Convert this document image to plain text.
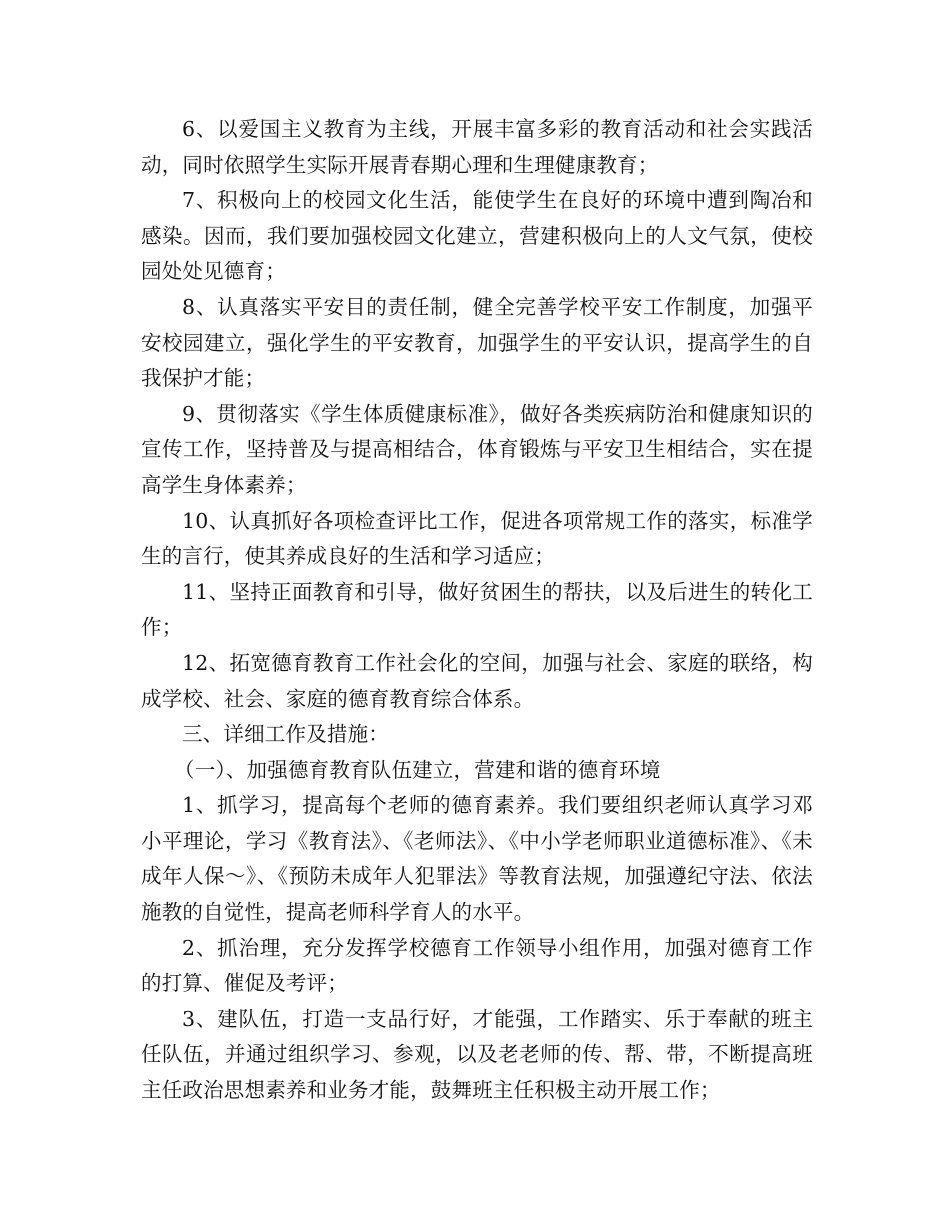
6、以爱国主义教育为主线，开展丰富多彩的教育活动和社会实践活动，同时依照学生实际开展青春期心理和生理健康教育；

7、积极向上的校园文化生活，能使学生在良好的环境中遭到陶冶和感染。因而，我们要加强校园文化建立，营建积极向上的人文气氛，使校园处处见德育；

8、认真落实平安目的责任制，健全完善学校平安工作制度，加强平安校园建立，强化学生的平安教育，加强学生的平安认识，提高学生的自我保护才能；

9、贯彻落实《学生体质健康标准》，做好各类疾病防治和健康知识的宣传工作，坚持普及与提高相结合，体育锻炼与平安卫生相结合，实在提高学生身体素养；

10、认真抓好各项检查评比工作，促进各项常规工作的落实，标准学生的言行，使其养成良好的生活和学习适应；

11、坚持正面教育和引导，做好贫困生的帮扶，以及后进生的转化工作；

12、拓宽德育教育工作社会化的空间，加强与社会、家庭的联络，构成学校、社会、家庭的德育教育综合体系。

三、详细工作及措施：

（一）、加强德育教育队伍建立，营建和谐的德育环境

1、抓学习，提高每个老师的德育素养。我们要组织老师认真学习邓小平理论，学习《教育法》、《老师法》、《中小学老师职业道德标准》、《未成年人保～》、《预防未成年人犯罪法》等教育法规，加强遵纪守法、依法施教的自觉性，提高老师科学育人的水平。

2、抓治理，充分发挥学校德育工作领导小组作用，加强对德育工作的打算、催促及考评；

3、建队伍，打造一支品行好，才能强，工作踏实、乐于奉献的班主任队伍，并通过组织学习、参观，以及老老师的传、帮、带，不断提高班主任政治思想素养和业务才能，鼓舞班主任积极主动开展工作；
